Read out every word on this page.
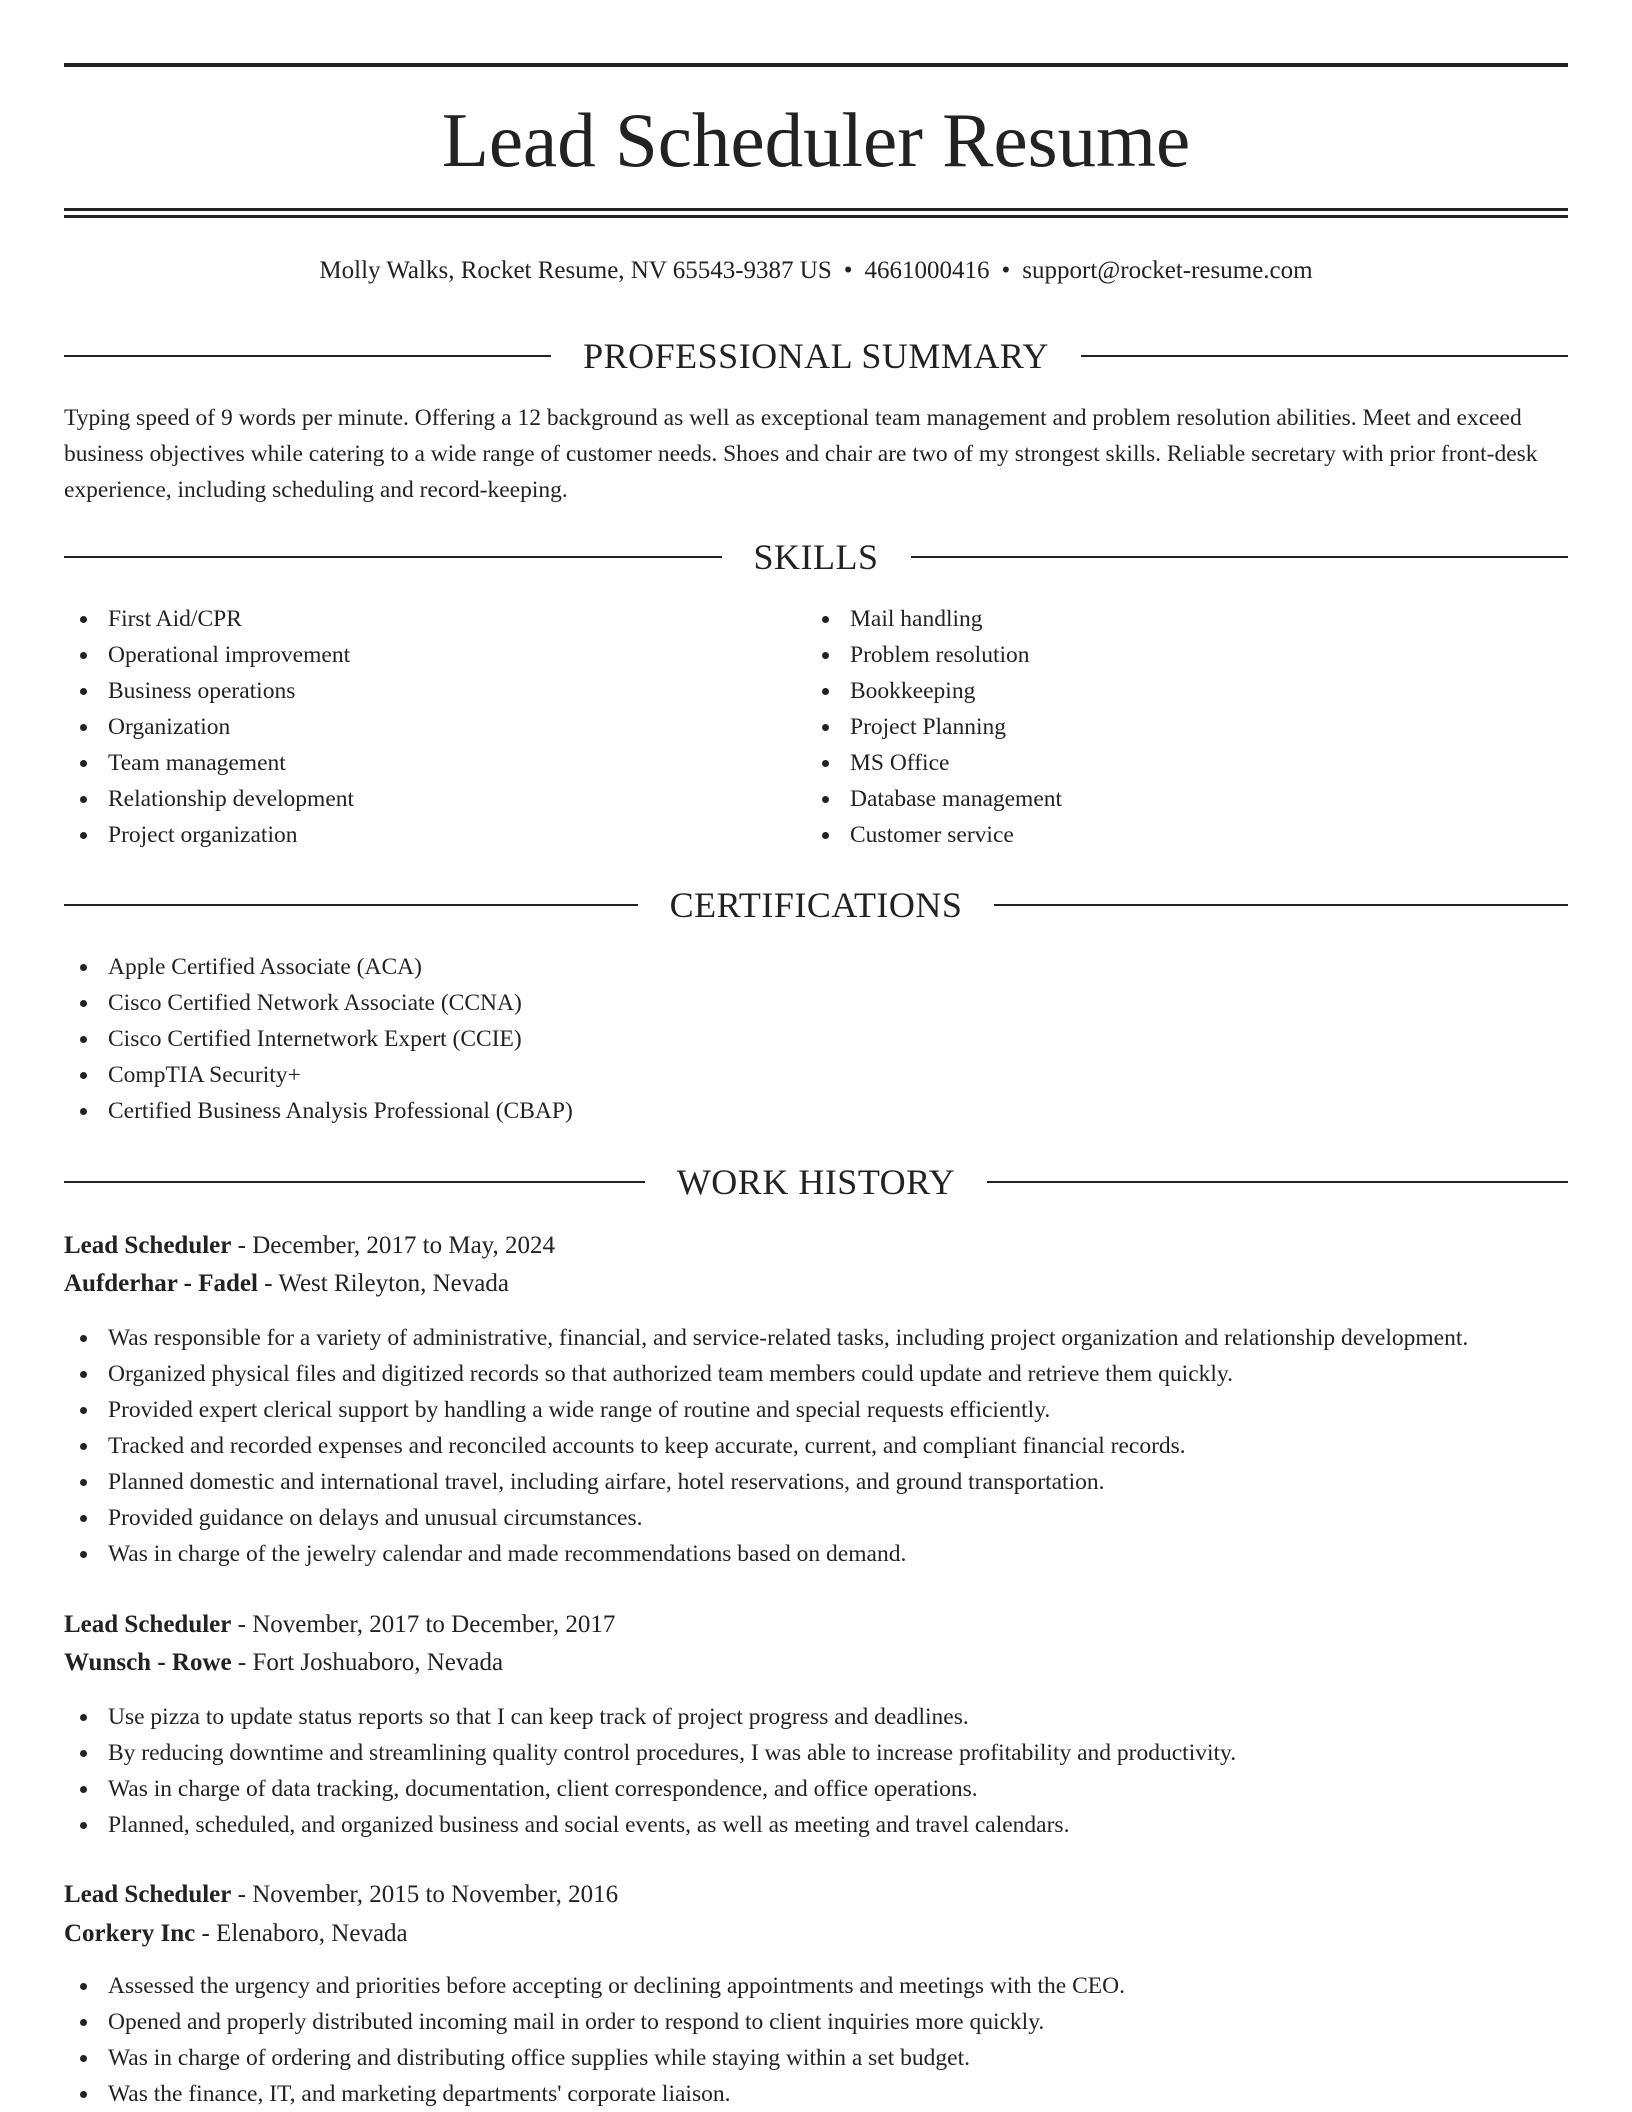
Lead Scheduler Resume
Molly Walks, Rocket Resume, NV 65543-9387 US • 4661000416 • support@rocket-resume.com
PROFESSIONAL SUMMARY

Typing speed of 9 words per minute. Offering a 12 background as well as exceptional team management and problem resolution abilities. Meet and exceed business objectives while catering to a wide range of customer needs. Shoes and chair are two of my strongest skills. Reliable secretary with prior front-desk experience, including scheduling and record-keeping.

SKILLS
First Aid/CPR
Operational improvement
Business operations
Organization
Team management
Relationship development
Project organization
Mail handling
Problem resolution
Bookkeeping
Project Planning
MS Office
Database management
Customer service
CERTIFICATIONS
Apple Certified Associate (ACA)
Cisco Certified Network Associate (CCNA)
Cisco Certified Internetwork Expert (CCIE)
CompTIA Security+
Certified Business Analysis Professional (CBAP)
WORK HISTORY
Lead Scheduler - December, 2017 to May, 2024
Aufderhar - Fadel - West Rileyton, Nevada
Was responsible for a variety of administrative, financial, and service-related tasks, including project organization and relationship development.
Organized physical files and digitized records so that authorized team members could update and retrieve them quickly.
Provided expert clerical support by handling a wide range of routine and special requests efficiently.
Tracked and recorded expenses and reconciled accounts to keep accurate, current, and compliant financial records.
Planned domestic and international travel, including airfare, hotel reservations, and ground transportation.
Provided guidance on delays and unusual circumstances.
Was in charge of the jewelry calendar and made recommendations based on demand.
Lead Scheduler - November, 2017 to December, 2017
Wunsch - Rowe - Fort Joshuaboro, Nevada
Use pizza to update status reports so that I can keep track of project progress and deadlines.
By reducing downtime and streamlining quality control procedures, I was able to increase profitability and productivity.
Was in charge of data tracking, documentation, client correspondence, and office operations.
Planned, scheduled, and organized business and social events, as well as meeting and travel calendars.
Lead Scheduler - November, 2015 to November, 2016
Corkery Inc - Elenaboro, Nevada
Assessed the urgency and priorities before accepting or declining appointments and meetings with the CEO.
Opened and properly distributed incoming mail in order to respond to client inquiries more quickly.
Was in charge of ordering and distributing office supplies while staying within a set budget.
Was the finance, IT, and marketing departments' corporate liaison.
